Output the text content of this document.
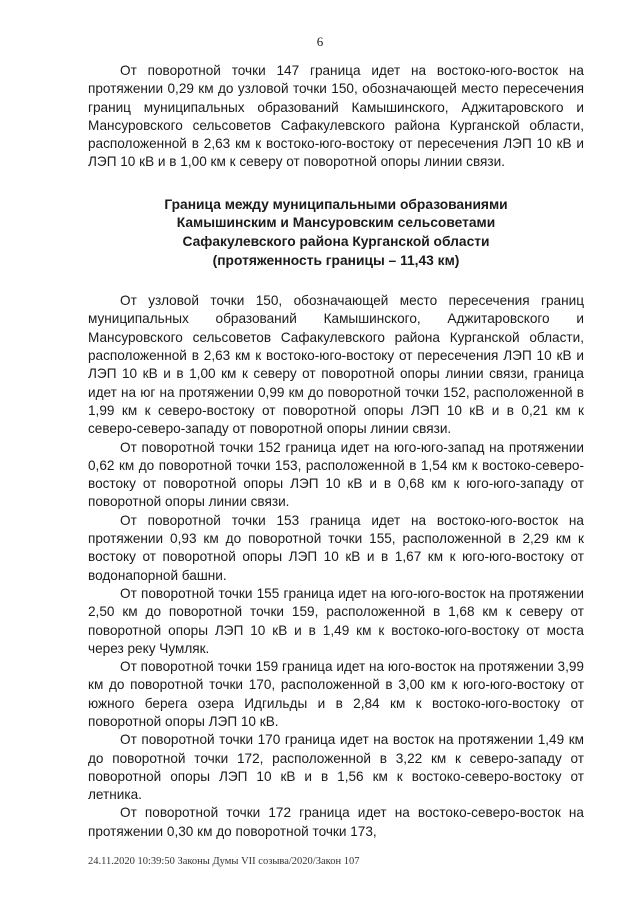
6

От поворотной точки 147 граница идет на востоко-юго-восток на протяжении 0,29 км до узловой точки 150, обозначающей место пересечения границ муниципальных образований Камышинского, Аджитаровского и Мансуровского сельсоветов Сафакулевского района Курганской области, расположенной в 2,63 км к востоко-юго-востоку от пересечения ЛЭП 10 кВ и ЛЭП 10 кВ и в 1,00 км к северу от поворотной опоры линии связи.

Граница между муниципальными образованиями
Камышинским и Мансуровским сельсоветами
Сафакулевского района Курганской области
(протяженность границы – 11,43 км)

От узловой точки 150, обозначающей место пересечения границ муниципальных образований Камышинского, Аджитаровского и Мансуровского сельсоветов Сафакулевского района Курганской области, расположенной в 2,63 км к востоко-юго-востоку от пересечения ЛЭП 10 кВ и ЛЭП 10 кВ и в 1,00 км к северу от поворотной опоры линии связи, граница идет на юг на протяжении 0,99 км до поворотной точки 152, расположенной в 1,99 км к северо-востоку от поворотной опоры ЛЭП 10 кВ и в 0,21 км к северо-северо-западу от поворотной опоры линии связи.

От поворотной точки 152 граница идет на юго-юго-запад на протяжении 0,62 км до поворотной точки 153, расположенной в 1,54 км к востоко-северо-востоку от поворотной опоры ЛЭП 10 кВ и в 0,68 км к юго-юго-западу от поворотной опоры линии связи.

От поворотной точки 153 граница идет на востоко-юго-восток на протяжении 0,93 км до поворотной точки 155, расположенной в 2,29 км к востоку от поворотной опоры ЛЭП 10 кВ и в 1,67 км к юго-юго-востоку от водонапорной башни.

От поворотной точки 155 граница идет на юго-юго-восток на протяжении 2,50 км до поворотной точки 159, расположенной в 1,68 км к северу от поворотной опоры ЛЭП 10 кВ и в 1,49 км к востоко-юго-востоку от моста через реку Чумляк.

От поворотной точки 159 граница идет на юго-восток на протяжении 3,99 км до поворотной точки 170, расположенной в 3,00 км к юго-юго-востоку от южного берега озера Идгильды и в 2,84 км к востоко-юго-востоку от поворотной опоры ЛЭП 10 кВ.

От поворотной точки 170 граница идет на восток на протяжении 1,49 км до поворотной точки 172, расположенной в 3,22 км к северо-западу от поворотной опоры ЛЭП 10 кВ и в 1,56 км к востоко-северо-востоку от летника.

От поворотной точки 172 граница идет на востоко-северо-восток на протяжении 0,30 км до поворотной точки 173,

24.11.2020 10:39:50 Законы Думы VII созыва/2020/Закон 107
